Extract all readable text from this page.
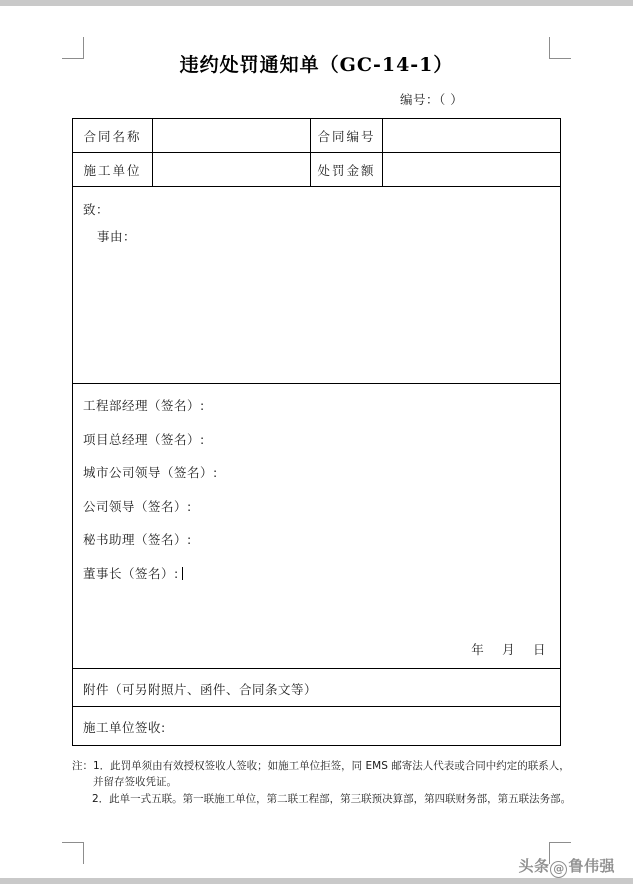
违约处罚通知单（GC-14-1）
编号：（ ）
合同名称		合同编号	
施工单位		处罚金额	

致：
事由：			

工程部经理（签名）:
项目总经理（签名）:
城市公司领导（签名）:
公司领导（签名）:
秘书助理（签名）:
董事长（签名）:
年    月    日

附件（可另附照片、函件、合同条文等）			

施工单位签收:			
注： 1．此罚单须由有效授权签收人签收；如施工单位拒签，同 EMS 邮寄法人代表或合同中约定的联系人，并留存签收凭证。
2．此单一式五联。第一联施工单位，第二联工程部，第三联预决算部，第四联财务部，第五联法务部。
头条 @ 鲁伟强
